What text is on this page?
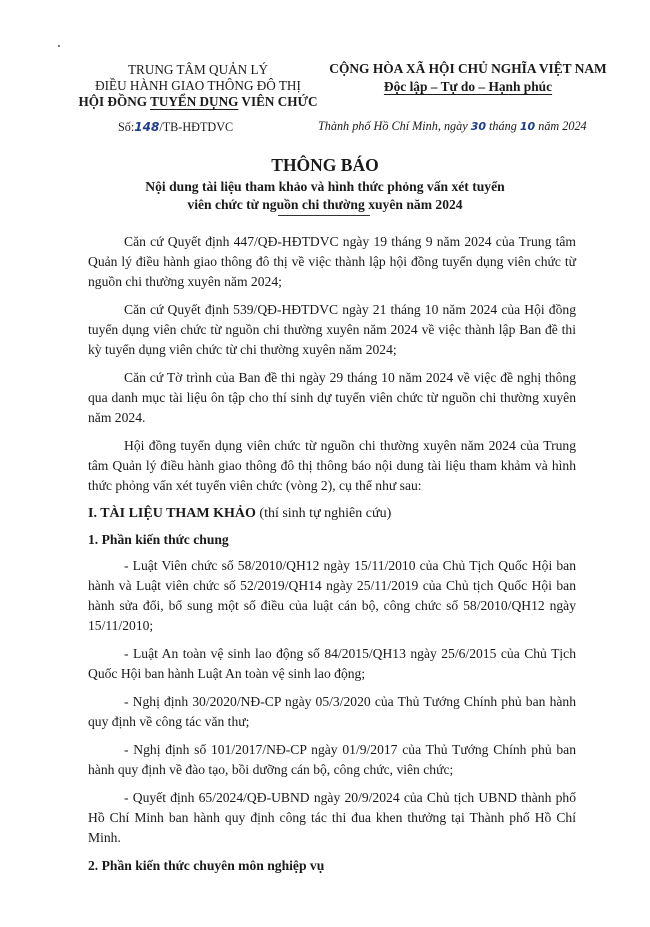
TRUNG TÂM QUẢN LÝ
ĐIỀU HÀNH GIAO THÔNG ĐÔ THỊ
HỘI ĐỒNG TUYỂN DỤNG VIÊN CHỨC
CỘNG HÒA XÃ HỘI CHỦ NGHĨA VIỆT NAM
Độc lập – Tự do – Hạnh phúc
Số:148/TB-HĐTDVC	Thành phố Hồ Chí Minh, ngày 30 tháng 10 năm 2024
THÔNG BÁO
Nội dung tài liệu tham khảo và hình thức phỏng vấn xét tuyển
viên chức từ nguồn chi thường xuyên năm 2024

Căn cứ Quyết định 447/QĐ-HĐTDVC ngày 19 tháng 9 năm 2024 của Trung tâm Quản lý điều hành giao thông đô thị về việc thành lập hội đồng tuyển dụng viên chức từ nguồn chi thường xuyên năm 2024;

Căn cứ Quyết định 539/QĐ-HĐTDVC ngày 21 tháng 10 năm 2024 của Hội đồng tuyển dụng viên chức từ nguồn chi thường xuyên năm 2024 về việc thành lập Ban đề thi kỳ tuyển dụng viên chức từ chi thường xuyên năm 2024;

Căn cứ Tờ trình của Ban đề thi ngày 29 tháng 10 năm 2024 về việc đề nghị thông qua danh mục tài liệu ôn tập cho thí sinh dự tuyển viên chức từ nguồn chi thường xuyên năm 2024.

Hội đồng tuyển dụng viên chức từ nguồn chi thường xuyên năm 2024 của Trung tâm Quản lý điều hành giao thông đô thị thông báo nội dung tài liệu tham khảm và hình thức phỏng vấn xét tuyển viên chức (vòng 2), cụ thể như sau:

I. TÀI LIỆU THAM KHẢO (thí sinh tự nghiên cứu)
1. Phần kiến thức chung

- Luật Viên chức số 58/2010/QH12 ngày 15/11/2010 của Chủ Tịch Quốc Hội ban hành và Luật viên chức số 52/2019/QH14 ngày 25/11/2019 của Chủ tịch Quốc Hội ban hành sửa đổi, bổ sung một số điều của luật cán bộ, công chức số 58/2010/QH12 ngày 15/11/2010;

- Luật An toàn vệ sinh lao động số 84/2015/QH13 ngày 25/6/2015 của Chủ Tịch Quốc Hội ban hành Luật An toàn vệ sinh lao động;

- Nghị định 30/2020/NĐ-CP ngày 05/3/2020 của Thủ Tướng Chính phủ ban hành quy định về công tác văn thư;

- Nghị định số 101/2017/NĐ-CP ngày 01/9/2017 của Thủ Tướng Chính phủ ban hành quy định về đào tạo, bồi dưỡng cán bộ, công chức, viên chức;

- Quyết định 65/2024/QĐ-UBND ngày 20/9/2024 của Chủ tịch UBND thành phố Hồ Chí Minh ban hành quy định công tác thi đua khen thưởng tại Thành phố Hồ Chí Minh.

2. Phần kiến thức chuyên môn nghiệp vụ
